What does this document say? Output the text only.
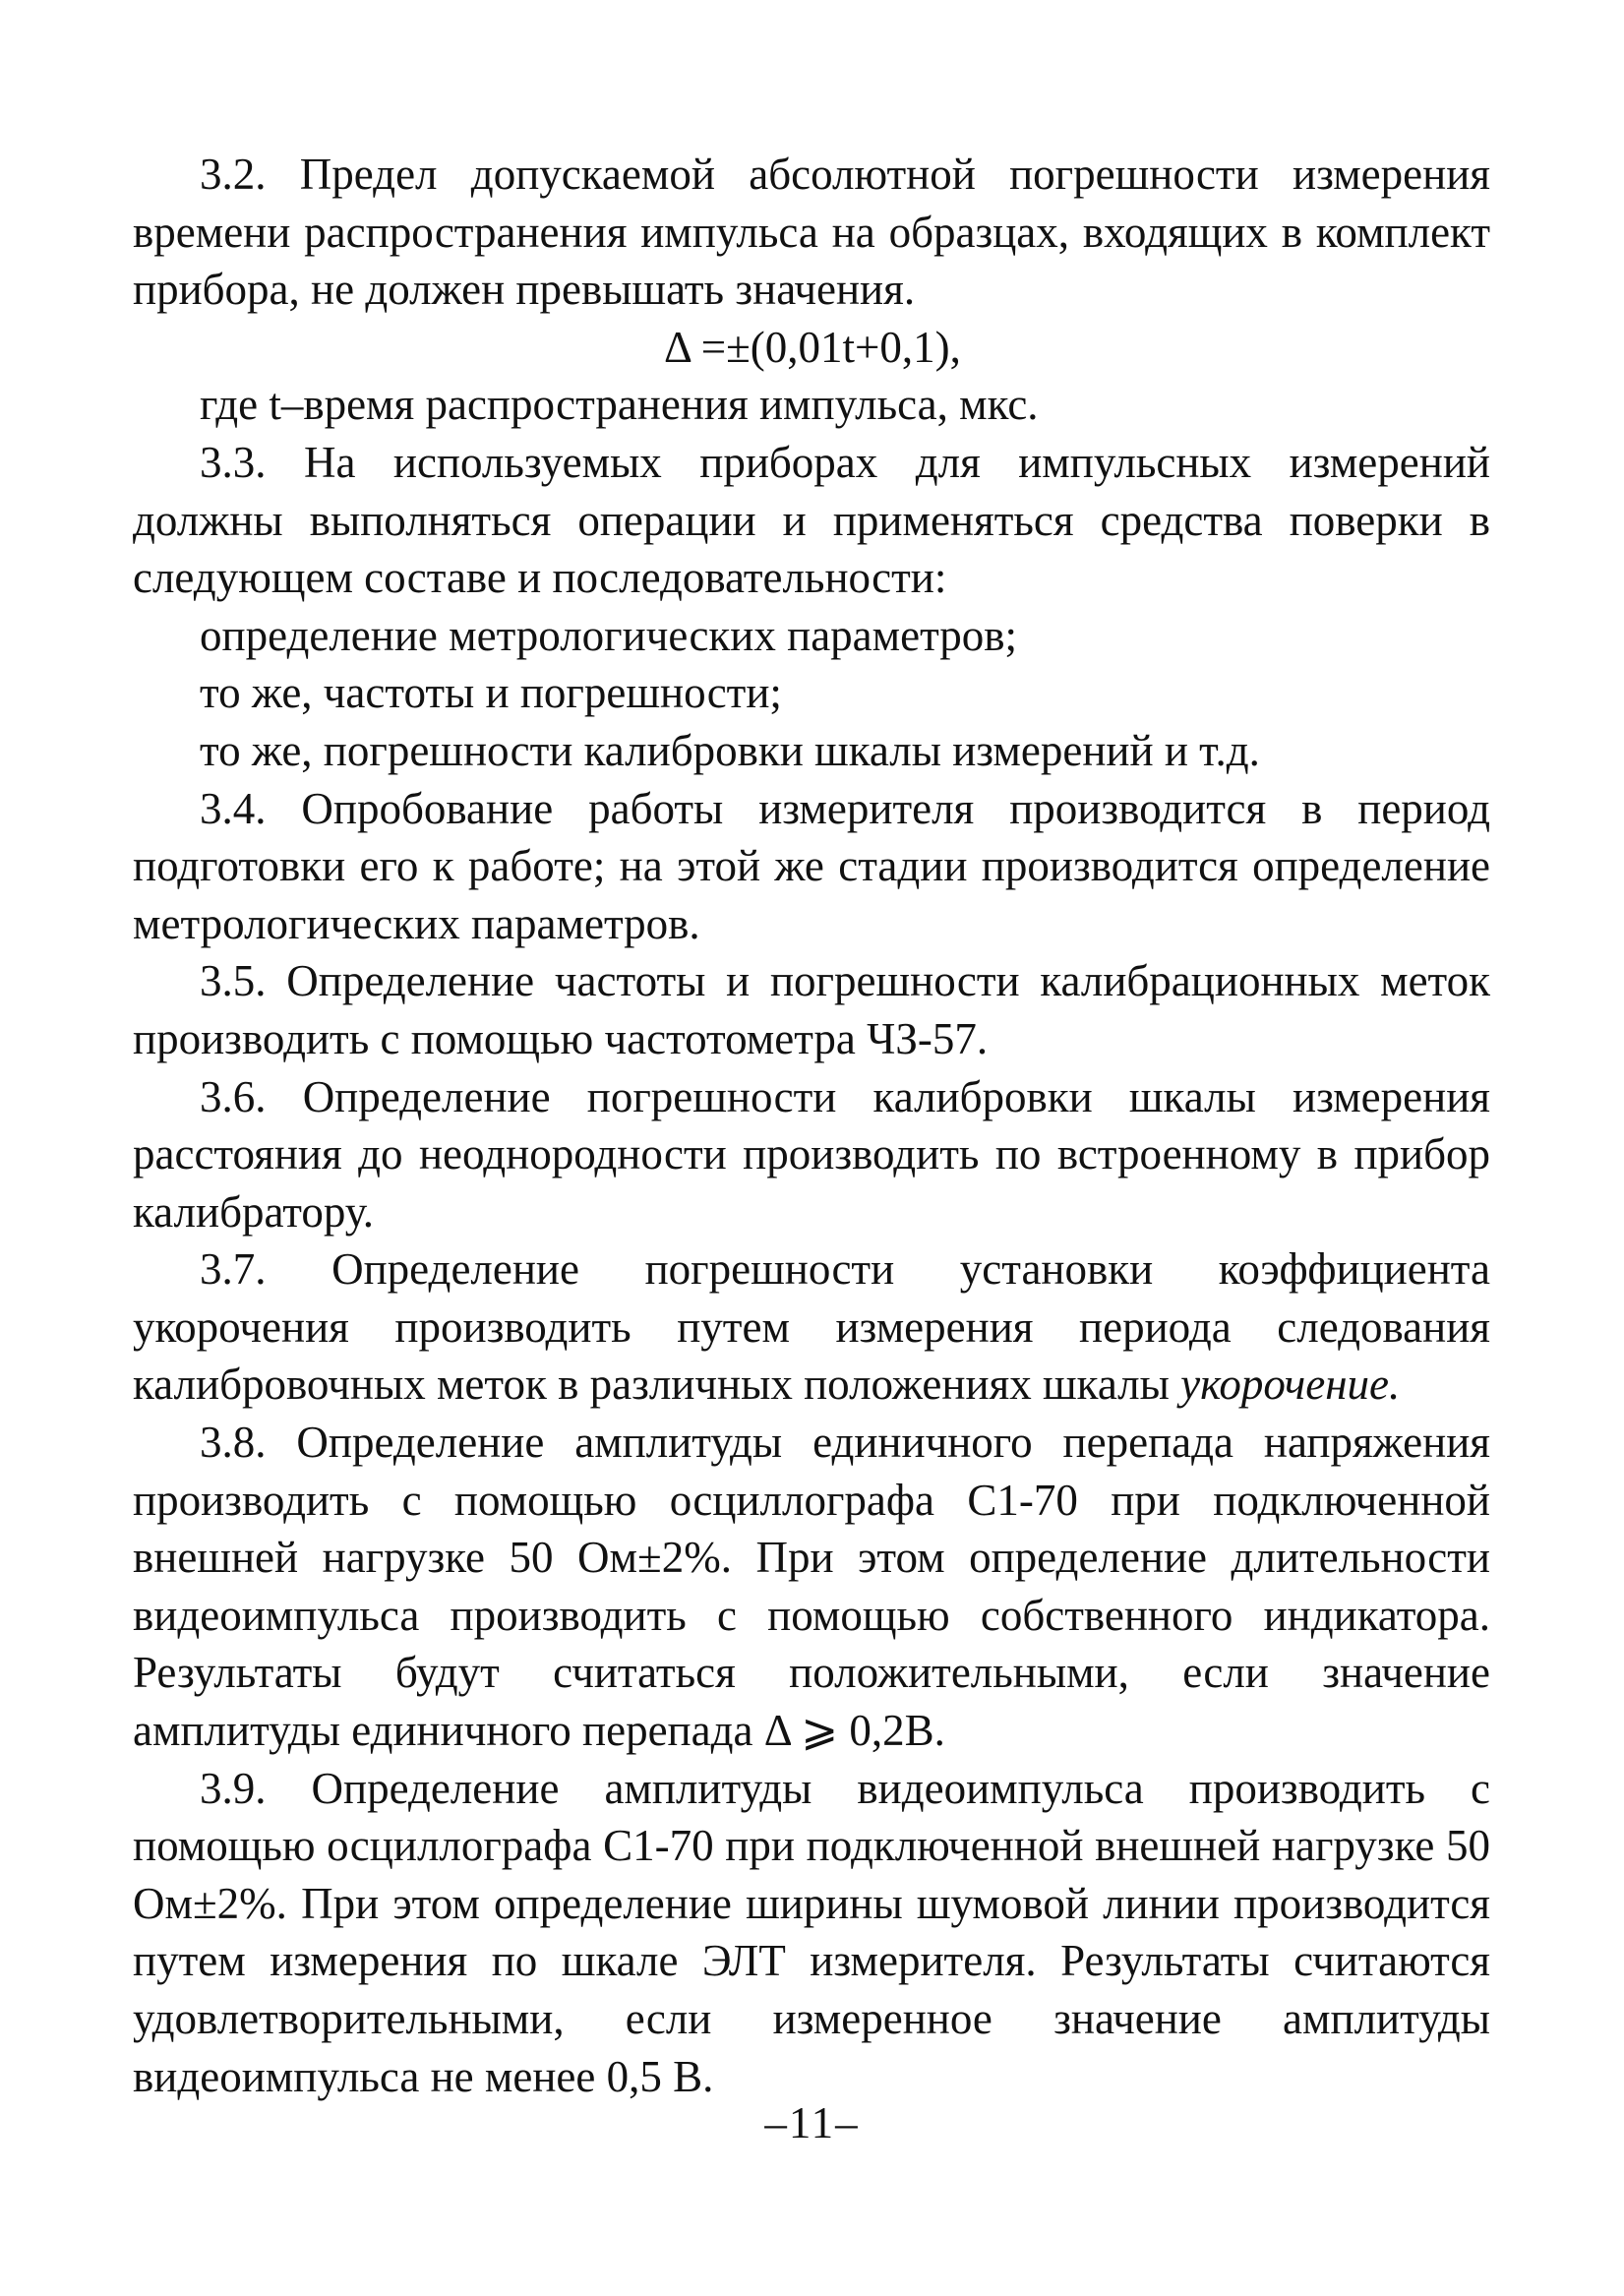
3.2. Предел допускаемой абсолютной погрешности измерения времени распространения импульса на образцах, входящих в комплект прибора, не должен превышать значения.

Δ =±(0,01t+0,1),

где t–время распространения импульса, мкс.

3.3. На используемых приборах для импульсных измерений должны выполняться операции и применяться средства поверки в следующем составе и последовательности:

определение метрологических параметров;

то же, частоты и погрешности;

то же, погрешности калибровки шкалы измерений и т.д.

3.4. Опробование работы измерителя производится в период подготовки его к работе; на этой же стадии производится определение метрологических параметров.

3.5. Определение частоты и погрешности калибрационных меток производить с помощью частотометра ЧЗ-57.

3.6. Определение погрешности калибровки шкалы измерения расстояния до неоднородности производить по встроенному в прибор калибратору.

3.7. Определение погрешности установки коэффициента укорочения производить путем измерения периода следования калибровочных меток в различных положениях шкалы укорочение.

3.8. Определение амплитуды единичного перепада напряжения производить с помощью осциллографа С1-70 при подключенной внешней нагрузке 50 Ом±2%. При этом определение длительности видеоимпульса производить с помощью собственного индикатора. Результаты будут считаться положительными, если значение амплитуды единичного перепада Δ ⩾ 0,2В.

3.9. Определение амплитуды видеоимпульса производить с помощью осциллографа С1-70 при подключенной внешней нагрузке 50 Ом±2%. При этом определение ширины шумовой линии производится путем измерения по шкале ЭЛТ измерителя. Результаты считаются удовлетворительными, если измеренное значение амплитуды видеоимпульса не менее 0,5 В.

–11–
